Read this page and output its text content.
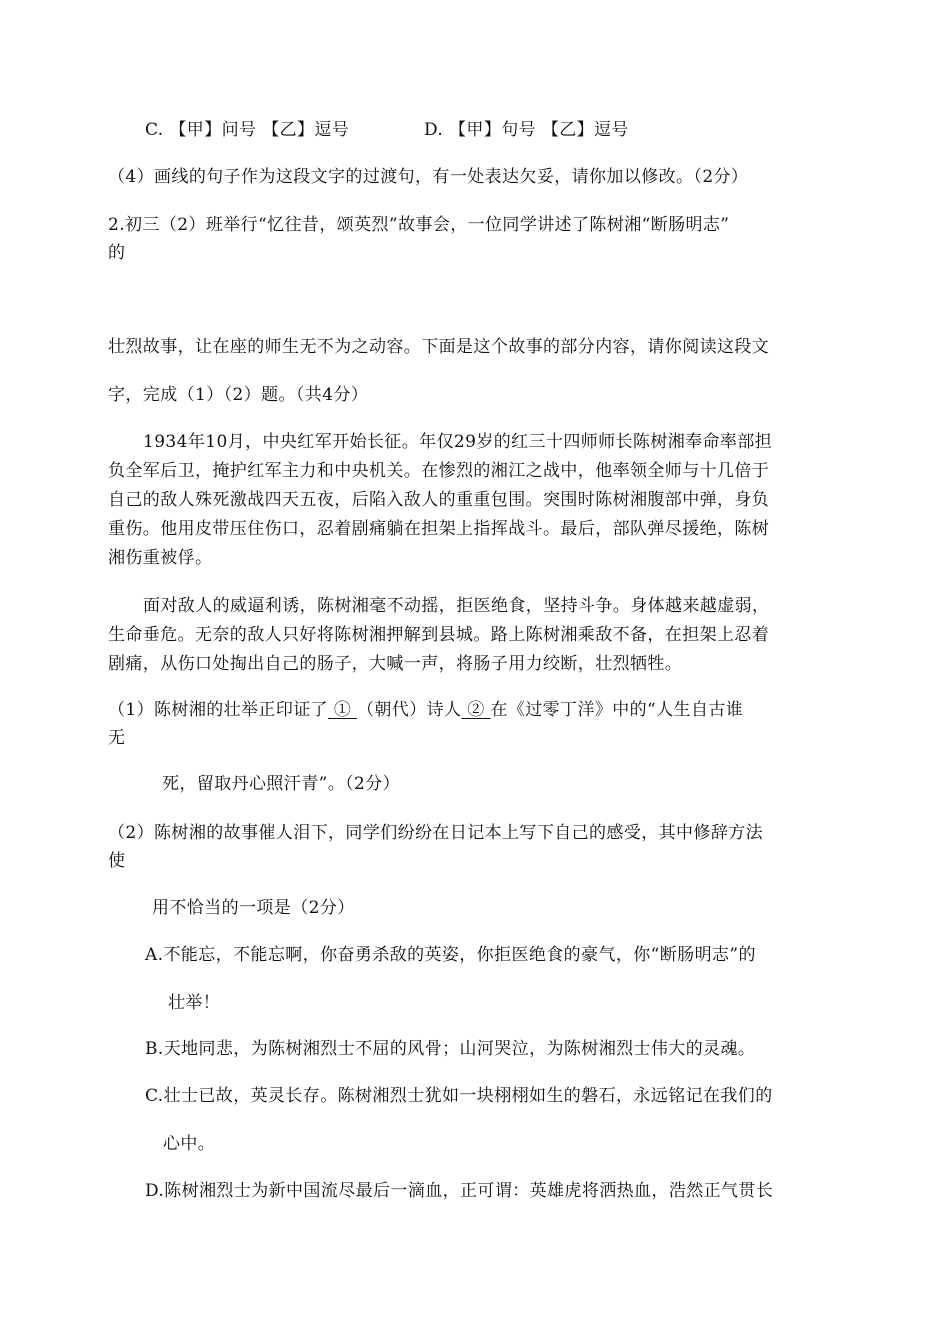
C. 【甲】问号 【乙】逗号	D. 【甲】句号 【乙】逗号
（4）画线的句子作为这段文字的过渡句，有一处表达欠妥，请你加以修改。（2分）
2.初三（2）班举行“忆往昔，颂英烈”故事会，一位同学讲述了陈树湘“断肠明志”
的
壮烈故事，让在座的师生无不为之动容。下面是这个故事的部分内容，请你阅读这段文
字，完成（1）（2）题。（共4分）
1934年10月，中央红军开始长征。年仅29岁的红三十四师师长陈树湘奉命率部担
负全军后卫，掩护红军主力和中央机关。在惨烈的湘江之战中，他率领全师与十几倍于
自己的敌人殊死激战四天五夜，后陷入敌人的重重包围。突围时陈树湘腹部中弹，身负
重伤。他用皮带压住伤口，忍着剧痛躺在担架上指挥战斗。最后，部队弹尽援绝，陈树
湘伤重被俘。
面对敌人的威逼利诱，陈树湘毫不动摇，拒医绝食，坚持斗争。身体越来越虚弱，
生命垂危。无奈的敌人只好将陈树湘押解到县城。路上陈树湘乘敌不备，在担架上忍着
剧痛，从伤口处掏出自己的肠子，大喊一声，将肠子用力绞断，壮烈牺牲。
（1）陈树湘的壮举正印证了 ① （朝代）诗人 ② 在《过零丁洋》中的“人生自古谁
无
死，留取丹心照汗青”。（2分）
（2）陈树湘的故事催人泪下，同学们纷纷在日记本上写下自己的感受，其中修辞方法
使
用不恰当的一项是（2分）
A.不能忘，不能忘啊，你奋勇杀敌的英姿，你拒医绝食的豪气，你“断肠明志”的
壮举！
B.天地同悲，为陈树湘烈士不屈的风骨；山河哭泣，为陈树湘烈士伟大的灵魂。
C.壮士已故，英灵长存。陈树湘烈士犹如一块栩栩如生的磐石，永远铭记在我们的
心中。
D.陈树湘烈士为新中国流尽最后一滴血，正可谓：英雄虎将洒热血，浩然正气贯长
